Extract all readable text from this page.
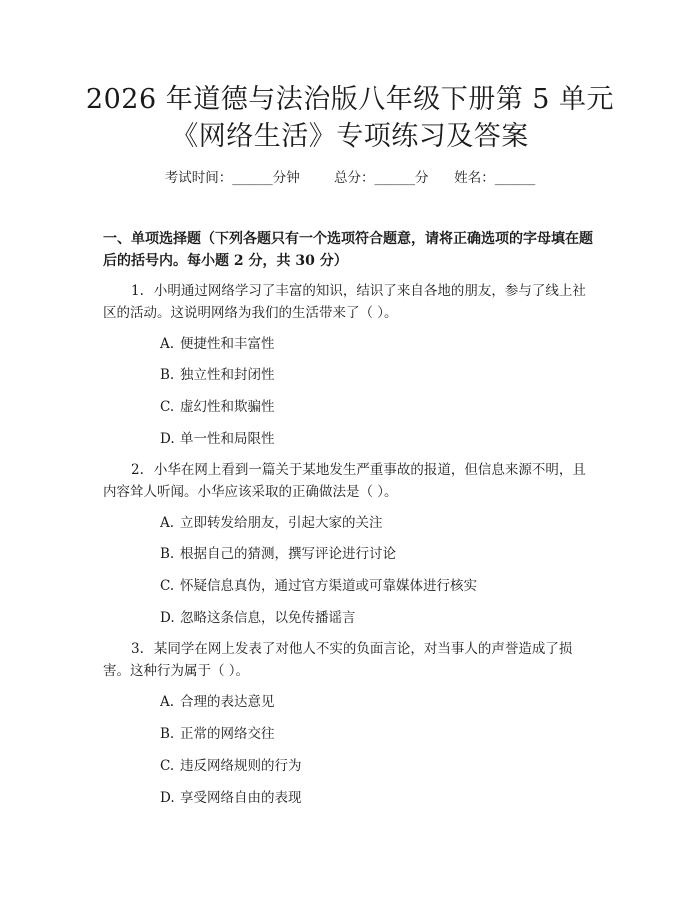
2026 年道德与法治版八年级下册第 5 单元
《网络生活》专项练习及答案
考试时间：______分钟	总分：______分 姓名：______
一、单项选择题（下列各题只有一个选项符合题意，请将正确选项的字母填在题
后的括号内。每小题 2 分，共 30 分）
1. 小明通过网络学习了丰富的知识，结识了来自各地的朋友，参与了线上社
区的活动。这说明网络为我们的生活带来了（ ）。
A. 便捷性和丰富性
B. 独立性和封闭性
C. 虚幻性和欺骗性
D. 单一性和局限性
2. 小华在网上看到一篇关于某地发生严重事故的报道，但信息来源不明，且
内容耸人听闻。小华应该采取的正确做法是（ ）。
A. 立即转发给朋友，引起大家的关注
B. 根据自己的猜测，撰写评论进行讨论
C. 怀疑信息真伪，通过官方渠道或可靠媒体进行核实
D. 忽略这条信息，以免传播谣言
3. 某同学在网上发表了对他人不实的负面言论，对当事人的声誉造成了损
害。这种行为属于（ ）。
A. 合理的表达意见
B. 正常的网络交往
C. 违反网络规则的行为
D. 享受网络自由的表现
